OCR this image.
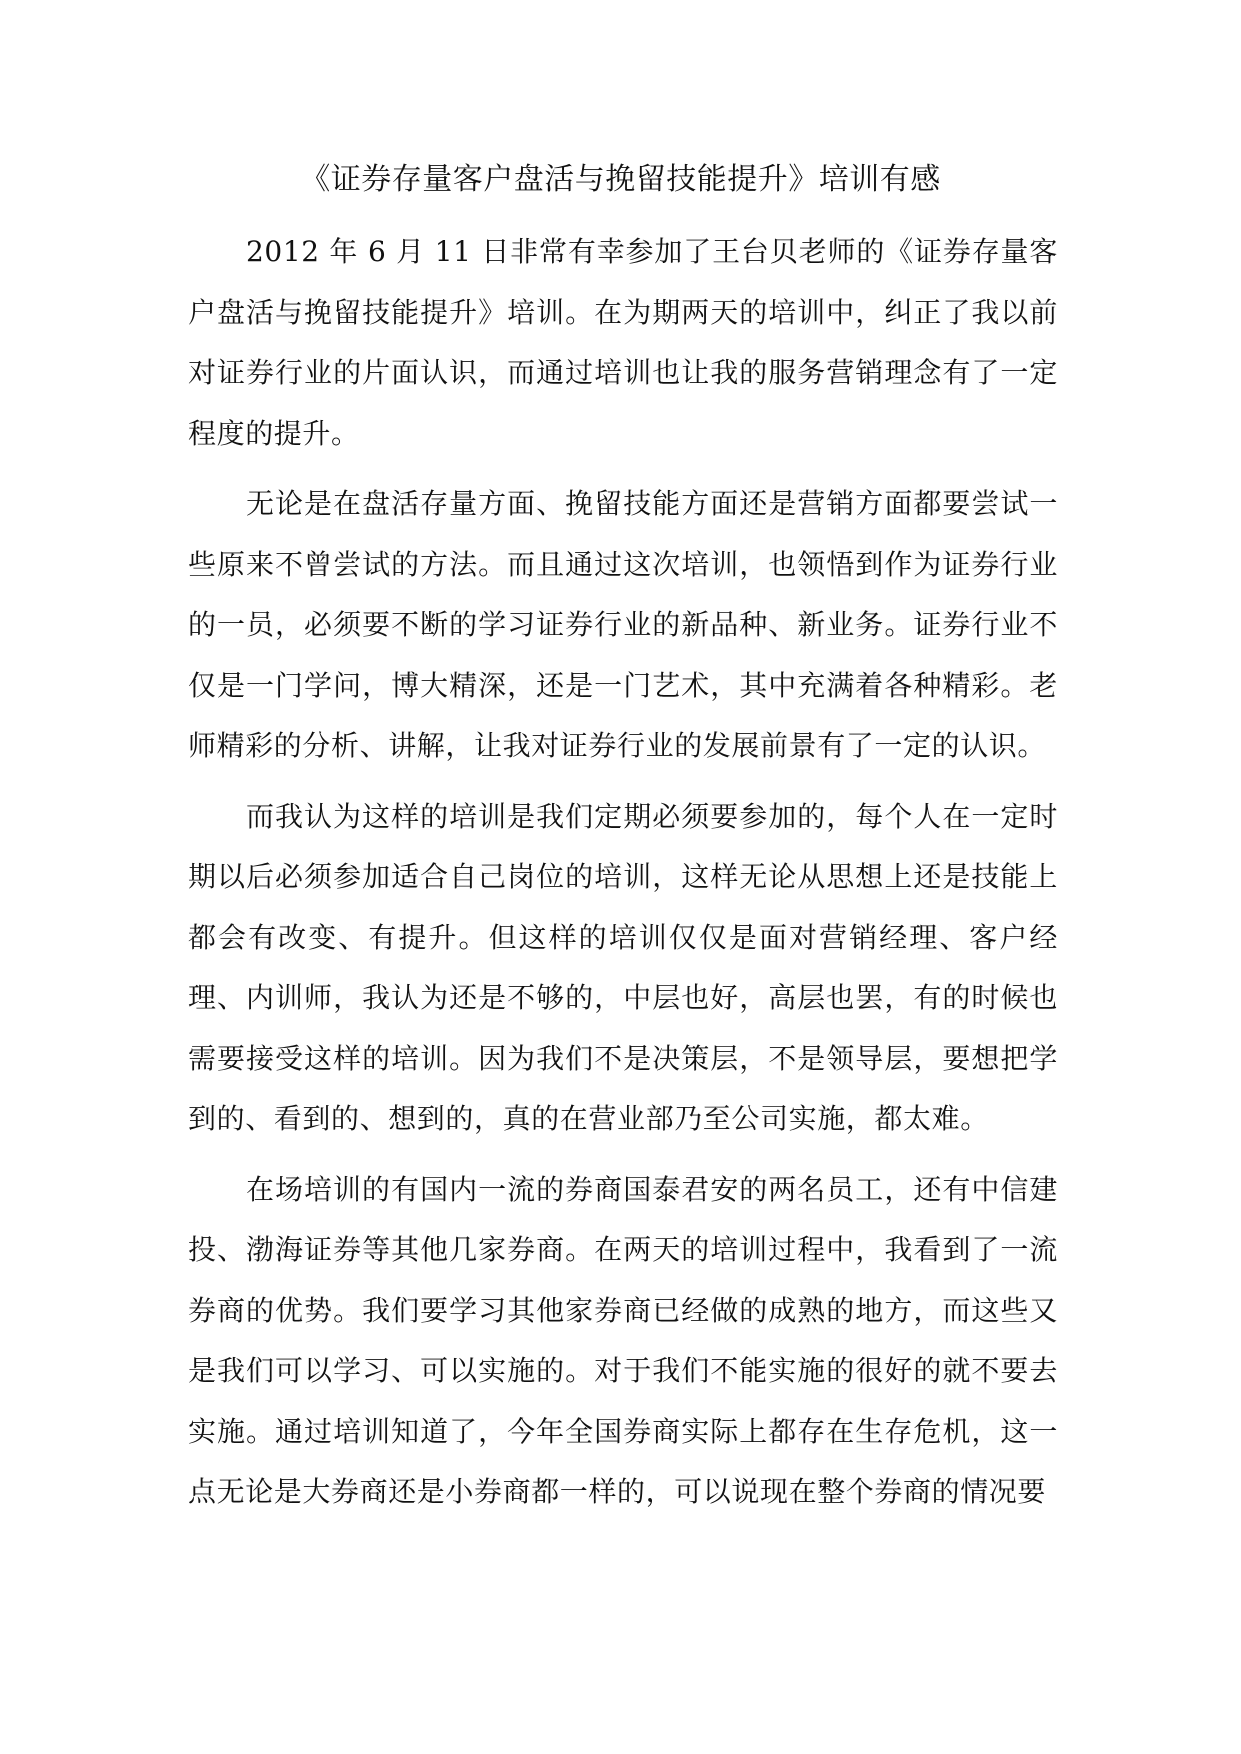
《证券存量客户盘活与挽留技能提升》培训有感

2012 年 6 月 11 日非常有幸参加了王台贝老师的《证券存量客户盘活与挽留技能提升》培训。在为期两天的培训中，纠正了我以前对证券行业的片面认识，而通过培训也让我的服务营销理念有了一定程度的提升。

无论是在盘活存量方面、挽留技能方面还是营销方面都要尝试一些原来不曾尝试的方法。而且通过这次培训，也领悟到作为证券行业的一员，必须要不断的学习证券行业的新品种、新业务。证券行业不仅是一门学问，博大精深，还是一门艺术，其中充满着各种精彩。老师精彩的分析、讲解，让我对证券行业的发展前景有了一定的认识。

而我认为这样的培训是我们定期必须要参加的，每个人在一定时期以后必须参加适合自己岗位的培训，这样无论从思想上还是技能上都会有改变、有提升。但这样的培训仅仅是面对营销经理、客户经理、内训师，我认为还是不够的，中层也好，高层也罢，有的时候也需要接受这样的培训。因为我们不是决策层，不是领导层，要想把学到的、看到的、想到的，真的在营业部乃至公司实施，都太难。

在场培训的有国内一流的券商国泰君安的两名员工，还有中信建投、渤海证券等其他几家券商。在两天的培训过程中，我看到了一流券商的优势。我们要学习其他家券商已经做的成熟的地方，而这些又是我们可以学习、可以实施的。对于我们不能实施的很好的就不要去实施。通过培训知道了，今年全国券商实际上都存在生存危机，这一点无论是大券商还是小券商都一样的，可以说现在整个券商的情况要
